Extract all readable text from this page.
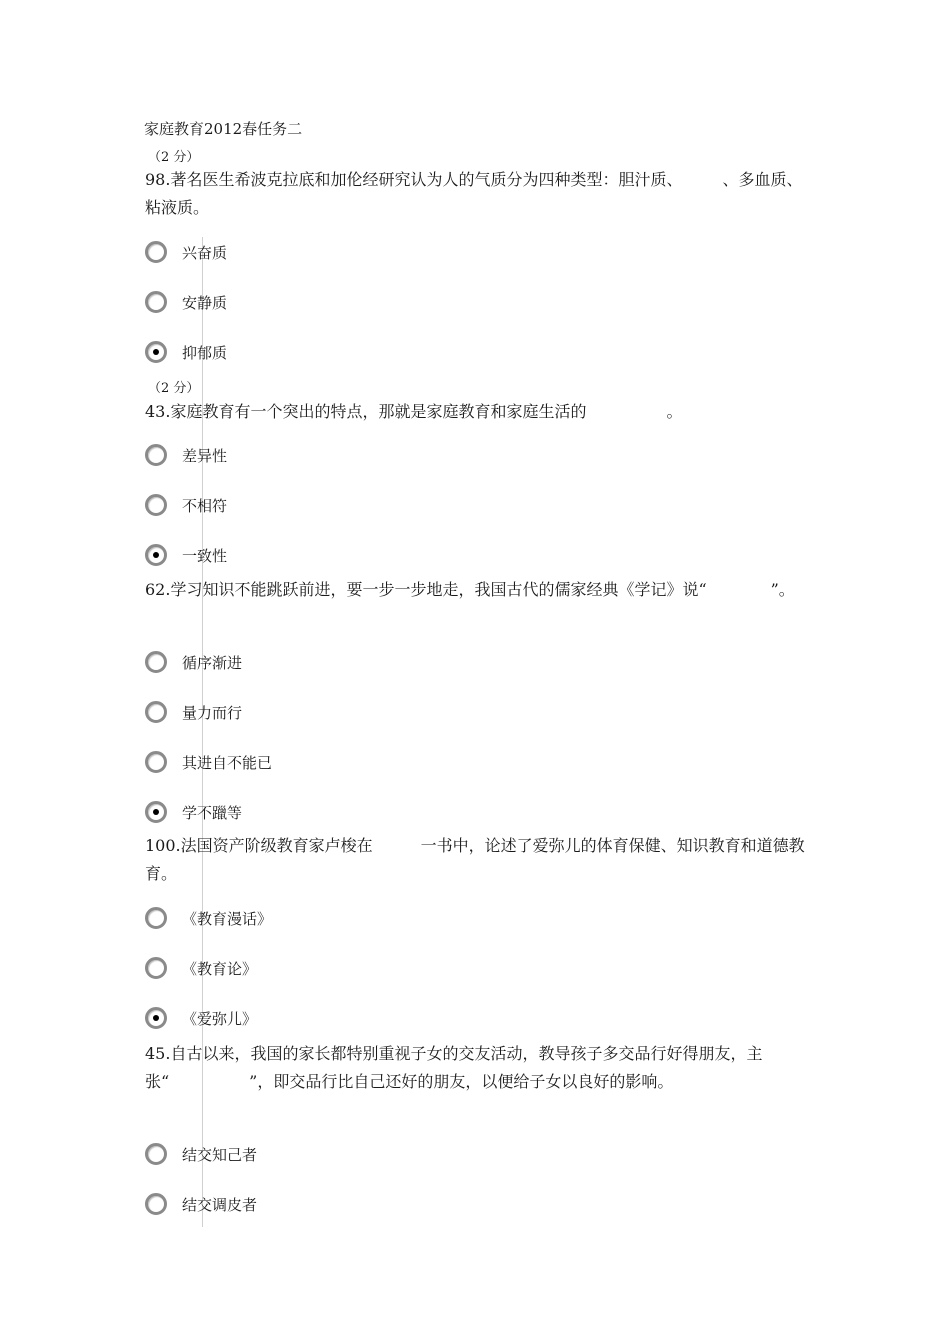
家庭教育2012春任务二
（2 分）
98.著名医生希波克拉底和加伦经研究认为人的气质分为四种类型：胆汁质、　　　、多血质、粘液质。
兴奋质
安静质
抑郁质
（2 分）
43.家庭教育有一个突出的特点，那就是家庭教育和家庭生活的　　　　　。
差异性
不相符
一致性
62.学习知识不能跳跃前进，要一步一步地走，我国古代的儒家经典《学记》说“　　　　”。
循序渐进
量力而行
其进自不能已
学不躐等
100.法国资产阶级教育家卢梭在　　　一书中，论述了爱弥儿的体育保健、知识教育和道德教育。
《教育漫话》
《教育论》
《爱弥儿》
45.自古以来，我国的家长都特别重视子女的交友活动，教导孩子多交品行好得朋友，主张“　　　　　”，即交品行比自己还好的朋友，以便给子女以良好的影响。
结交知己者
结交调皮者
